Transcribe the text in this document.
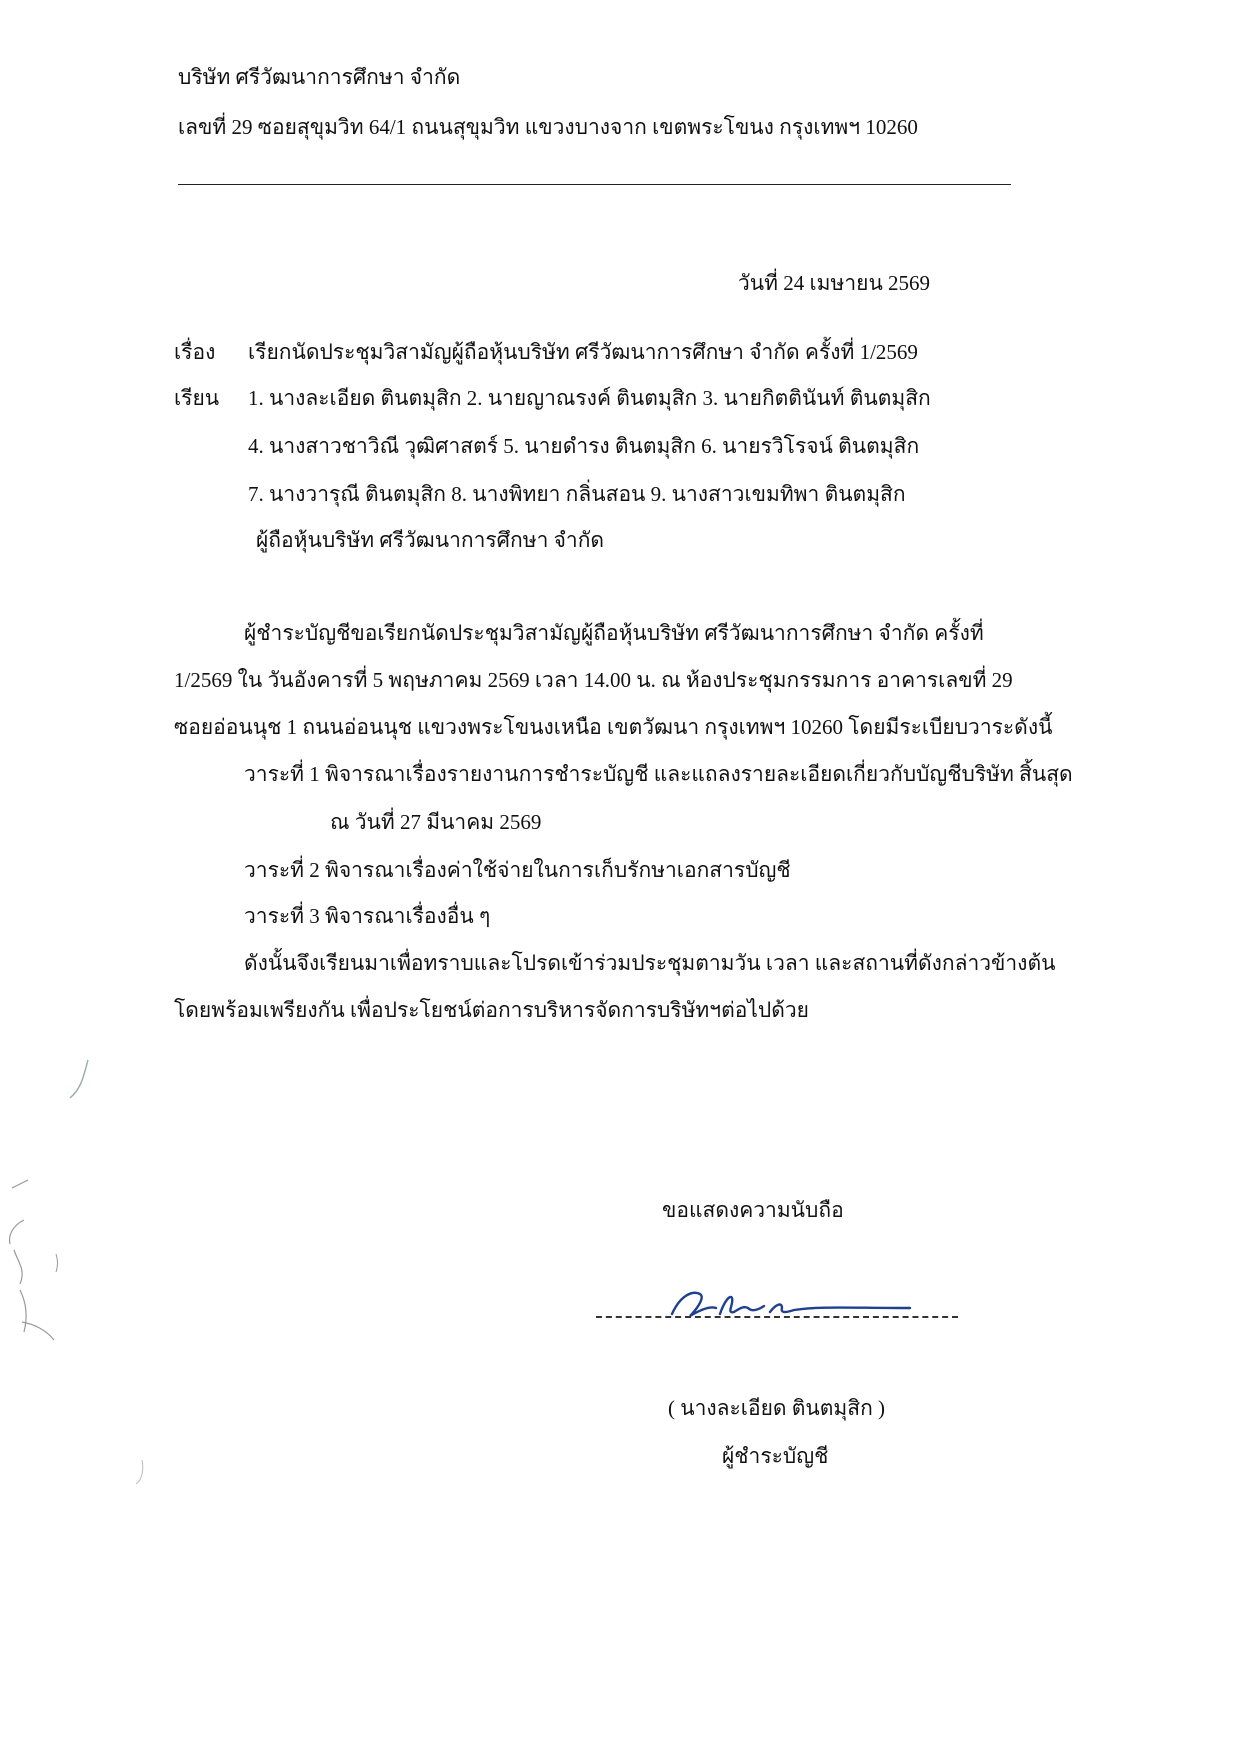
บริษัท ศรีวัฒนาการศึกษา จำกัด
เลขที่ 29 ซอยสุขุมวิท 64/1 ถนนสุขุมวิท แขวงบางจาก เขตพระโขนง กรุงเทพฯ 10260
วันที่ 24 เมษายน 2569
เรื่อง เรียกนัดประชุมวิสามัญผู้ถือหุ้นบริษัท ศรีวัฒนาการศึกษา จำกัด ครั้งที่ 1/2569
เรียน 1. นางละเอียด ตินตมุสิก 2. นายญาณรงค์ ตินตมุสิก 3. นายกิตตินันท์ ตินตมุสิก
4. นางสาวชาวิณี วุฒิศาสตร์ 5. นายดำรง ตินตมุสิก 6. นายรวิโรจน์ ตินตมุสิก
7. นางวารุณี ตินตมุสิก 8. นางพิทยา กลิ่นสอน 9. นางสาวเขมทิพา ตินตมุสิก
ผู้ถือหุ้นบริษัท ศรีวัฒนาการศึกษา จำกัด
ผู้ชำระบัญชีขอเรียกนัดประชุมวิสามัญผู้ถือหุ้นบริษัท ศรีวัฒนาการศึกษา จำกัด ครั้งที่
1/2569 ใน วันอังคารที่ 5 พฤษภาคม 2569 เวลา 14.00 น. ณ ห้องประชุมกรรมการ อาคารเลขที่ 29
ซอยอ่อนนุช 1 ถนนอ่อนนุช แขวงพระโขนงเหนือ เขตวัฒนา กรุงเทพฯ 10260 โดยมีระเบียบวาระดังนี้
วาระที่ 1 พิจารณาเรื่องรายงานการชำระบัญชี และแถลงรายละเอียดเกี่ยวกับบัญชีบริษัท สิ้นสุด
ณ วันที่ 27 มีนาคม 2569
วาระที่ 2 พิจารณาเรื่องค่าใช้จ่ายในการเก็บรักษาเอกสารบัญชี
วาระที่ 3 พิจารณาเรื่องอื่น ๆ
ดังนั้นจึงเรียนมาเพื่อทราบและโปรดเข้าร่วมประชุมตามวัน เวลา และสถานที่ดังกล่าวข้างต้น
โดยพร้อมเพรียงกัน เพื่อประโยชน์ต่อการบริหารจัดการบริษัทฯต่อไปด้วย
ขอแสดงความนับถือ
( นางละเอียด ตินตมุสิก )
ผู้ชำระบัญชี
